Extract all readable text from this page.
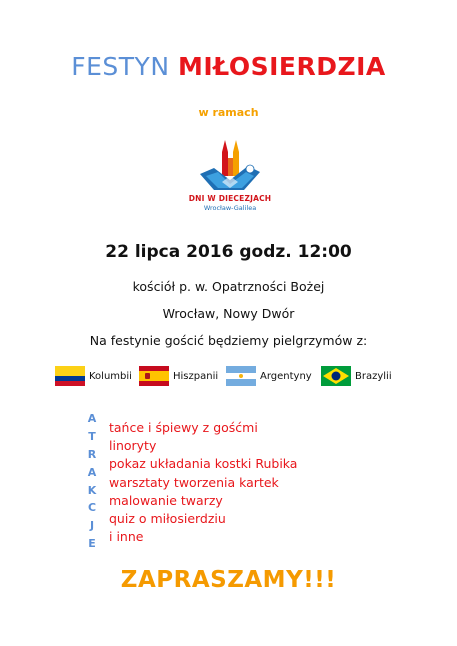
FESTYN MIŁOSIERDZIA
w ramach
DNI W DIECEZJACH
Wrocław-Galilea
22 lipca 2016 godz. 12:00
kościół p. w. Opatrzności Bożej
Wrocław, Nowy Dwór
Na festynie gościć będziemy pielgrzymów z:
Kolumbii	Hiszpanii	Argentyny	Brazylii
A
T
R
A
K
C
J
E
tańce i śpiewy z gośćmi
linoryty
pokaz układania kostki Rubika
warsztaty tworzenia kartek
malowanie twarzy
quiz o miłosierdziu
i inne
ZAPRASZAMY!!!
